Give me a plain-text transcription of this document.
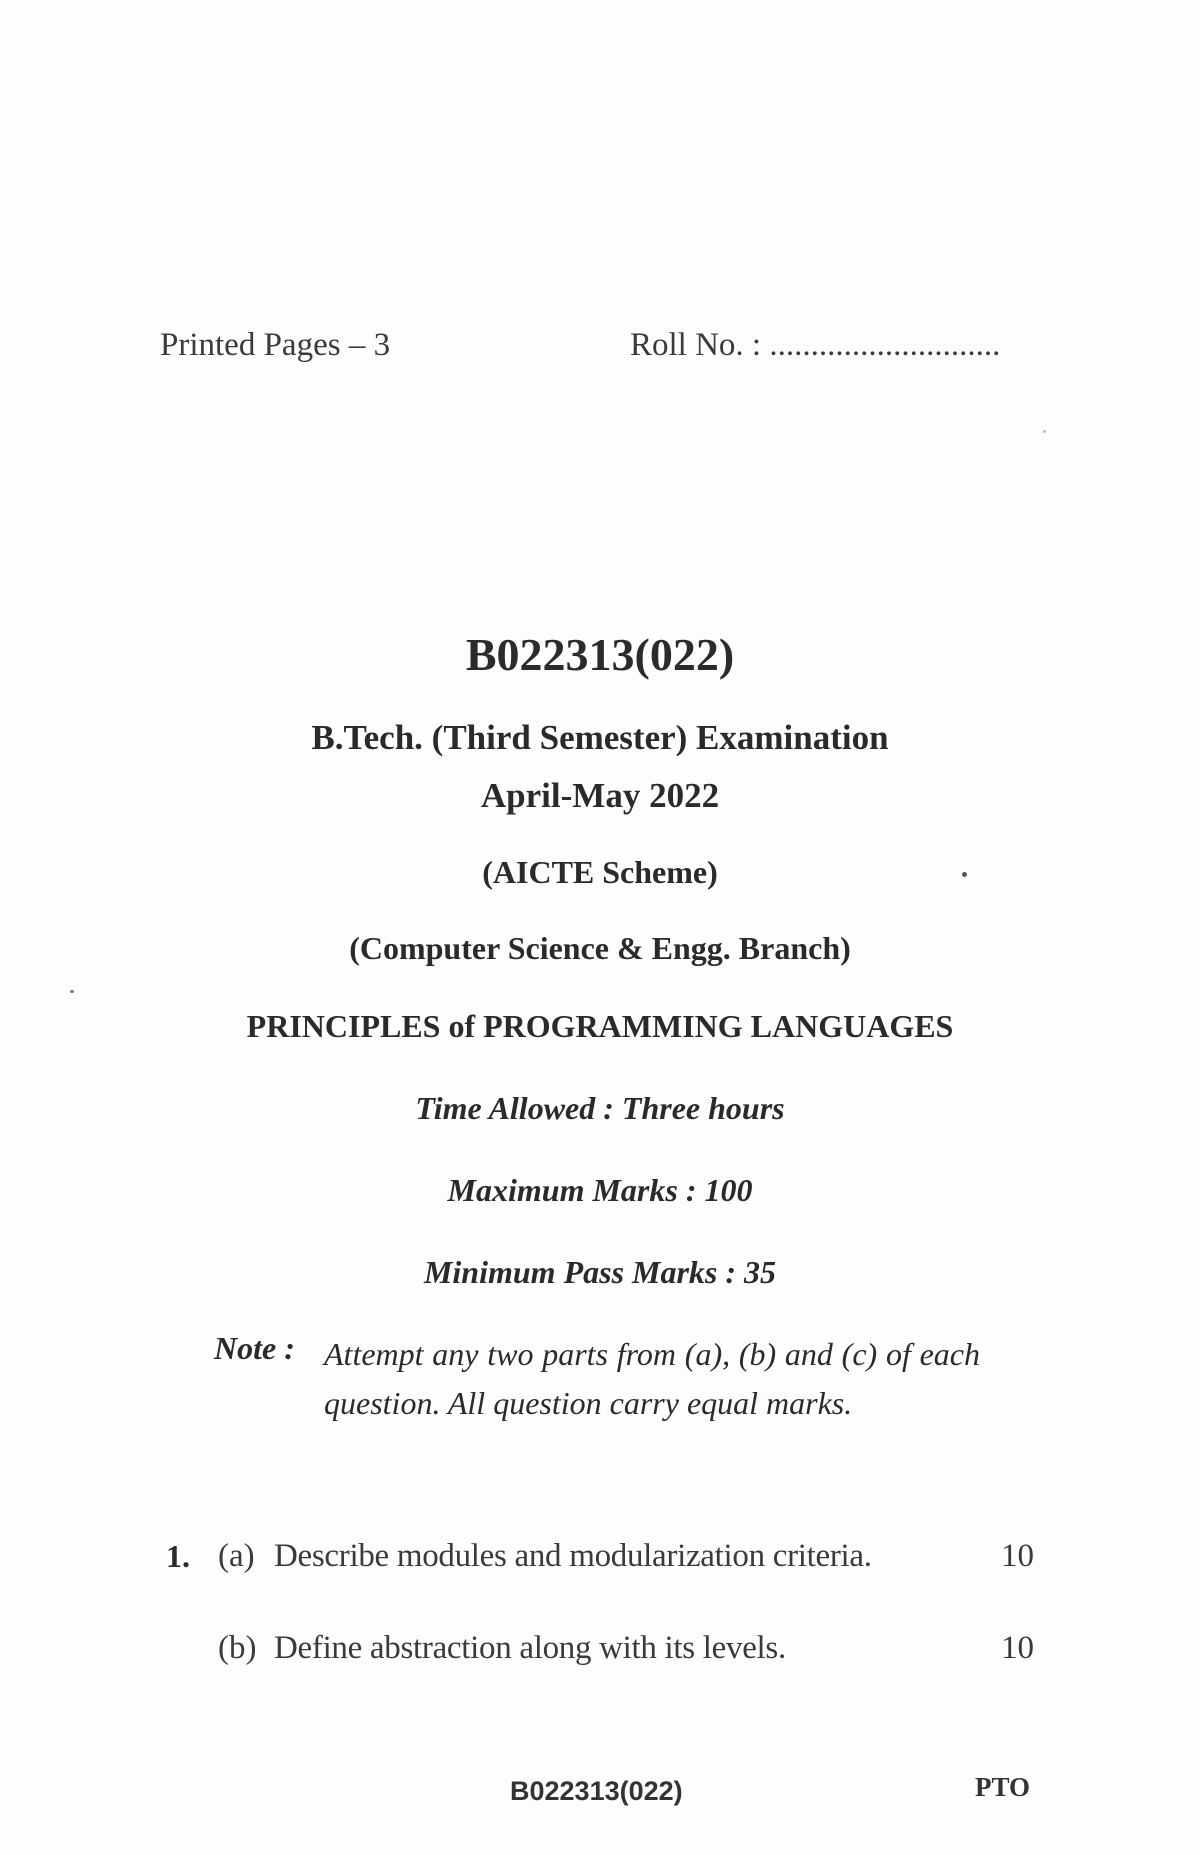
Printed Pages – 3	Roll No. : ............................
B022313(022)
B.Tech. (Third Semester) Examination
April-May 2022
(AICTE Scheme)
(Computer Science & Engg. Branch)
PRINCIPLES of PROGRAMMING LANGUAGES
Time Allowed : Three hours
Maximum Marks : 100
Minimum Pass Marks : 35
Note : Attempt any two parts from (a), (b) and (c) of each question. All question carry equal marks.
1. (a) Describe modules and modularization criteria.	10
(b) Define abstraction along with its levels.	10
B022313(022)	PTO
